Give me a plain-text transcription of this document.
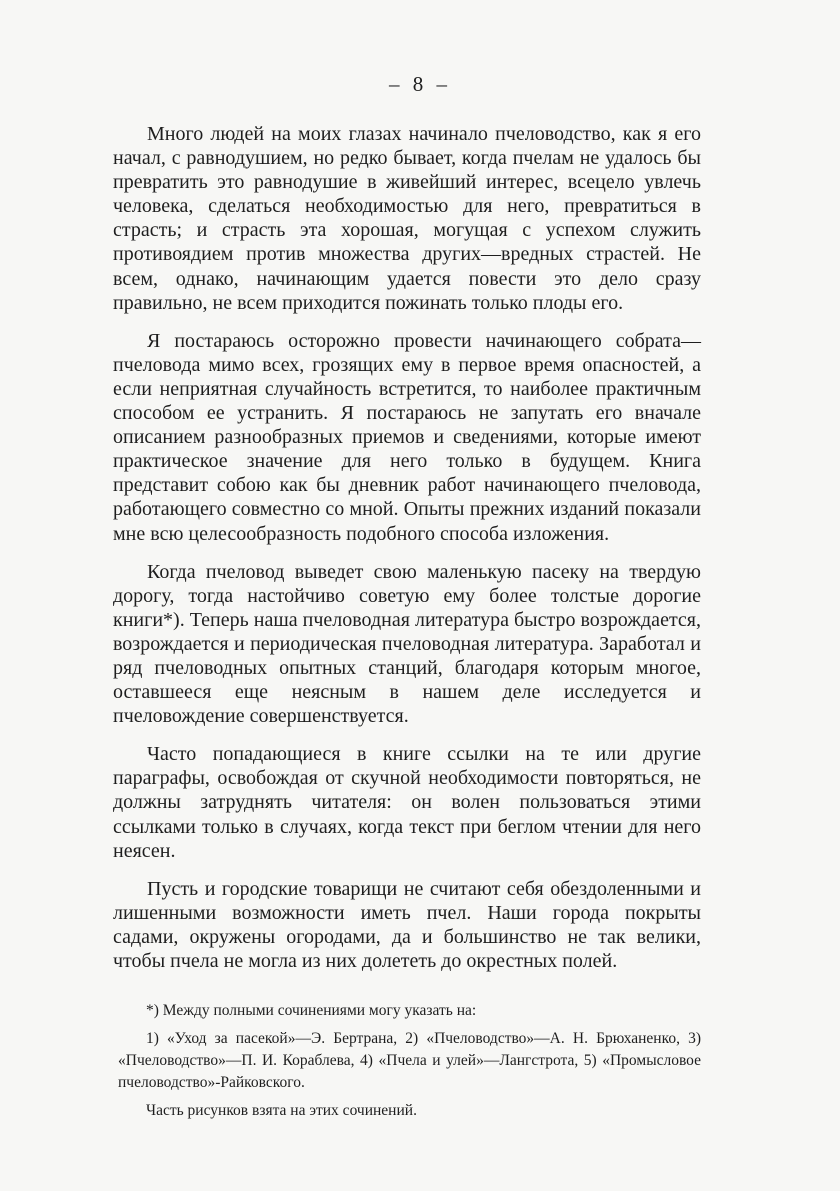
– 8 –

Много людей на моих глазах начинало пчеловодство, как я его начал, с равнодушием, но редко бывает, когда пчелам не удалось бы превратить это равнодушие в живейший интерес, всецело увлечь человека, сделаться необходимостью для него, превратиться в страсть; и страсть эта хорошая, могущая с успехом служить противоядием против множества других—вредных страстей. Не всем, однако, начинающим удается повести это дело сразу правильно, не всем приходится пожинать только плоды его.

Я постараюсь осторожно провести начинающего собрата—пчеловода мимо всех, грозящих ему в первое время опасностей, а если неприятная случайность встретится, то наиболее практичным способом ее устранить. Я постараюсь не запутать его вначале описанием разнообразных приемов и сведениями, которые имеют практическое значение для него только в будущем. Книга представит собою как бы дневник работ начинающего пчеловода, работающего совместно со мной. Опыты прежних изданий показали мне всю целесообразность подобного способа изложения.

Когда пчеловод выведет свою маленькую пасеку на твердую дорогу, тогда настойчиво советую ему более толстые дорогие книги*). Теперь наша пчеловодная литература быстро возрождается, возрождается и периодическая пчеловодная литература. Заработал и ряд пчеловодных опытных станций, благодаря которым многое, оставшееся еще неясным в нашем деле исследуется и пчеловождение совершенствуется.

Часто попадающиеся в книге ссылки на те или другие параграфы, освобождая от скучной необходимости повторяться, не должны затруднять читателя: он волен пользоваться этими ссылками только в случаях, когда текст при беглом чтении для него неясен.

Пусть и городские товарищи не считают себя обездоленными и лишенными возможности иметь пчел. Наши города покрыты садами, окружены огородами, да и большинство не так велики, чтобы пчела не могла из них долететь до окрестных полей.

*) Между полными сочинениями могу указать на:

1) «Уход за пасекой»—Э. Бертрана, 2) «Пчеловодство»—А. Н. Брюханенко, 3) «Пчеловодство»—П. И. Кораблева, 4) «Пчела и улей»—Лангстрота, 5) «Промысловое пчеловодство»-Райковского.

Часть рисунков взята на этих сочинений.
